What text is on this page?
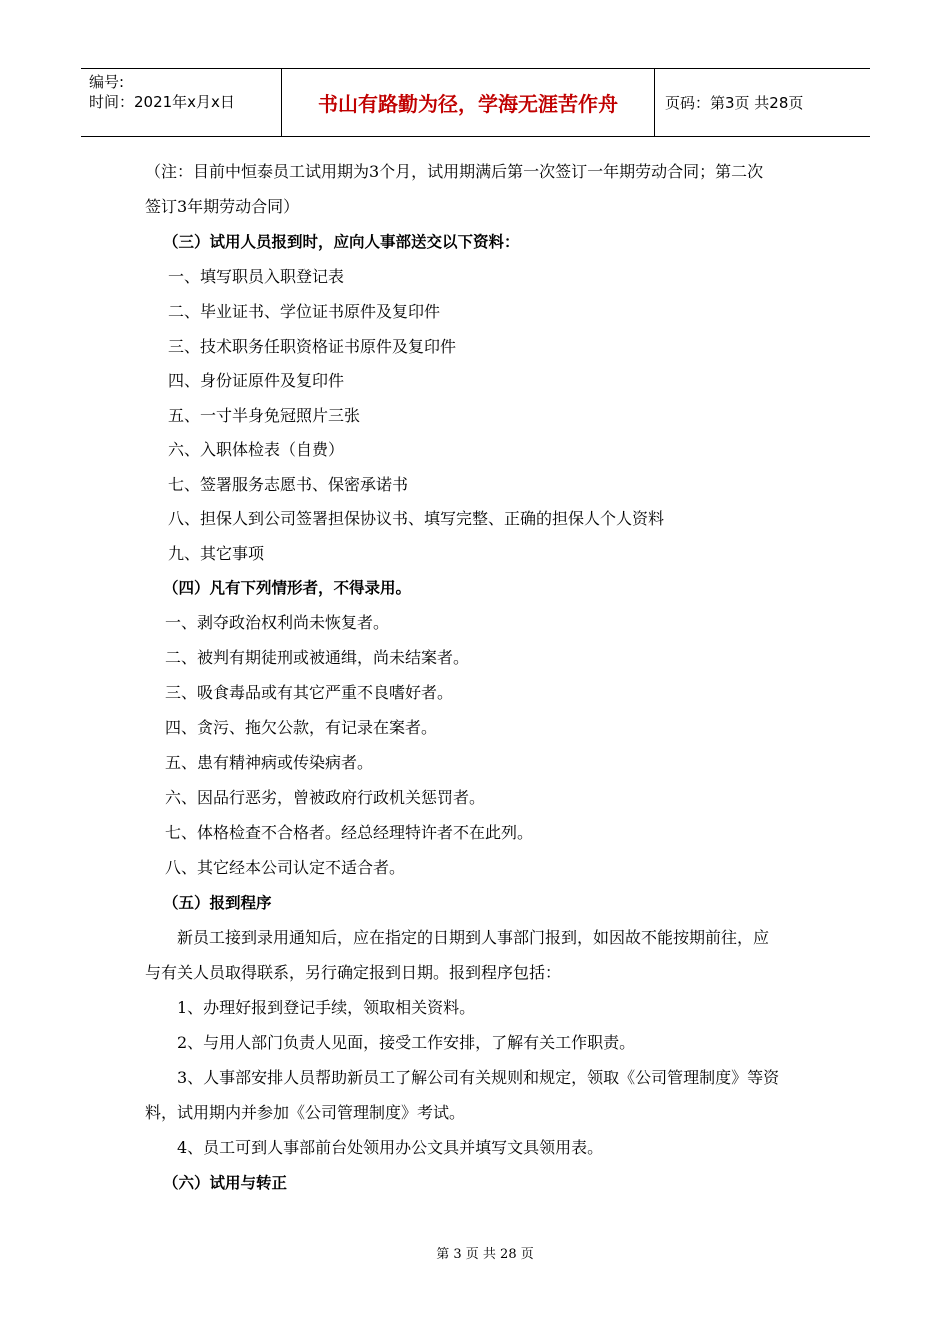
编号:
时间：2021年x月x日	书山有路勤为径，学海无涯苦作舟	页码：第3页 共28页
（注：目前中恒泰员工试用期为3个月，试用期满后第一次签订一年期劳动合同；第二次
签订3年期劳动合同）
（三）试用人员报到时，应向人事部送交以下资料：
一、填写职员入职登记表
二、毕业证书、学位证书原件及复印件
三、技术职务任职资格证书原件及复印件
四、身份证原件及复印件
五、一寸半身免冠照片三张
六、入职体检表（自费）
七、签署服务志愿书、保密承诺书
八、担保人到公司签署担保协议书、填写完整、正确的担保人个人资料
九、其它事项
（四）凡有下列情形者，不得录用。
一、剥夺政治权利尚未恢复者。
二、被判有期徒刑或被通缉，尚未结案者。
三、吸食毒品或有其它严重不良嗜好者。
四、贪污、拖欠公款，有记录在案者。
五、患有精神病或传染病者。
六、因品行恶劣，曾被政府行政机关惩罚者。
七、体格检查不合格者。经总经理特许者不在此列。
八、其它经本公司认定不适合者。
（五）报到程序
新员工接到录用通知后，应在指定的日期到人事部门报到，如因故不能按期前往，应
与有关人员取得联系，另行确定报到日期。报到程序包括：
1、办理好报到登记手续，领取相关资料。
2、与用人部门负责人见面，接受工作安排，了解有关工作职责。
3、人事部安排人员帮助新员工了解公司有关规则和规定，领取《公司管理制度》等资
料，试用期内并参加《公司管理制度》考试。
4、员工可到人事部前台处领用办公文具并填写文具领用表。
（六）试用与转正
第 3 页 共 28 页
